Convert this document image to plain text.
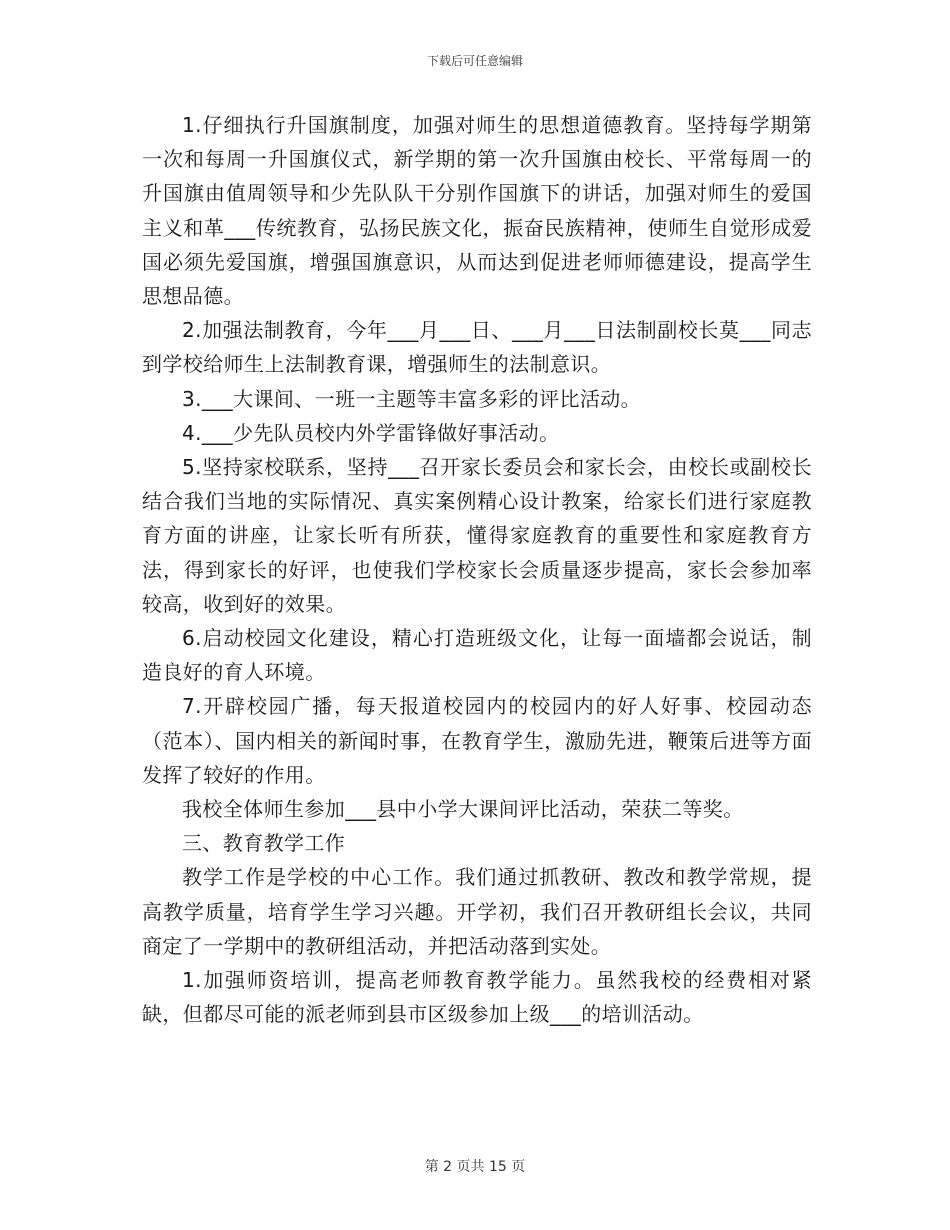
下载后可任意编辑

1.仔细执行升国旗制度，加强对师生的思想道德教育。坚持每学期第一次和每周一升国旗仪式，新学期的第一次升国旗由校长、平常每周一的升国旗由值周领导和少先队队干分别作国旗下的讲话，加强对师生的爱国主义和革___传统教育，弘扬民族文化，振奋民族精神，使师生自觉形成爱国必须先爱国旗，增强国旗意识，从而达到促进老师师德建设，提高学生思想品德。

2.加强法制教育，今年___月___日、___月___日法制副校长莫___同志到学校给师生上法制教育课，增强师生的法制意识。

3.___大课间、一班一主题等丰富多彩的评比活动。

4.___少先队员校内外学雷锋做好事活动。

5.坚持家校联系，坚持___召开家长委员会和家长会，由校长或副校长结合我们当地的实际情况、真实案例精心设计教案，给家长们进行家庭教育方面的讲座，让家长听有所获，懂得家庭教育的重要性和家庭教育方法，得到家长的好评，也使我们学校家长会质量逐步提高，家长会参加率较高，收到好的效果。

6.启动校园文化建设，精心打造班级文化，让每一面墙都会说话，制造良好的育人环境。

7.开辟校园广播，每天报道校园内的校园内的好人好事、校园动态（范本）、国内相关的新闻时事，在教育学生，激励先进，鞭策后进等方面发挥了较好的作用。

我校全体师生参加___县中小学大课间评比活动，荣获二等奖。

三、教育教学工作

教学工作是学校的中心工作。我们通过抓教研、教改和教学常规，提高教学质量，培育学生学习兴趣。开学初，我们召开教研组长会议，共同商定了一学期中的教研组活动，并把活动落到实处。

1.加强师资培训，提高老师教育教学能力。虽然我校的经费相对紧缺，但都尽可能的派老师到县市区级参加上级___的培训活动。

第 2 页共 15 页
